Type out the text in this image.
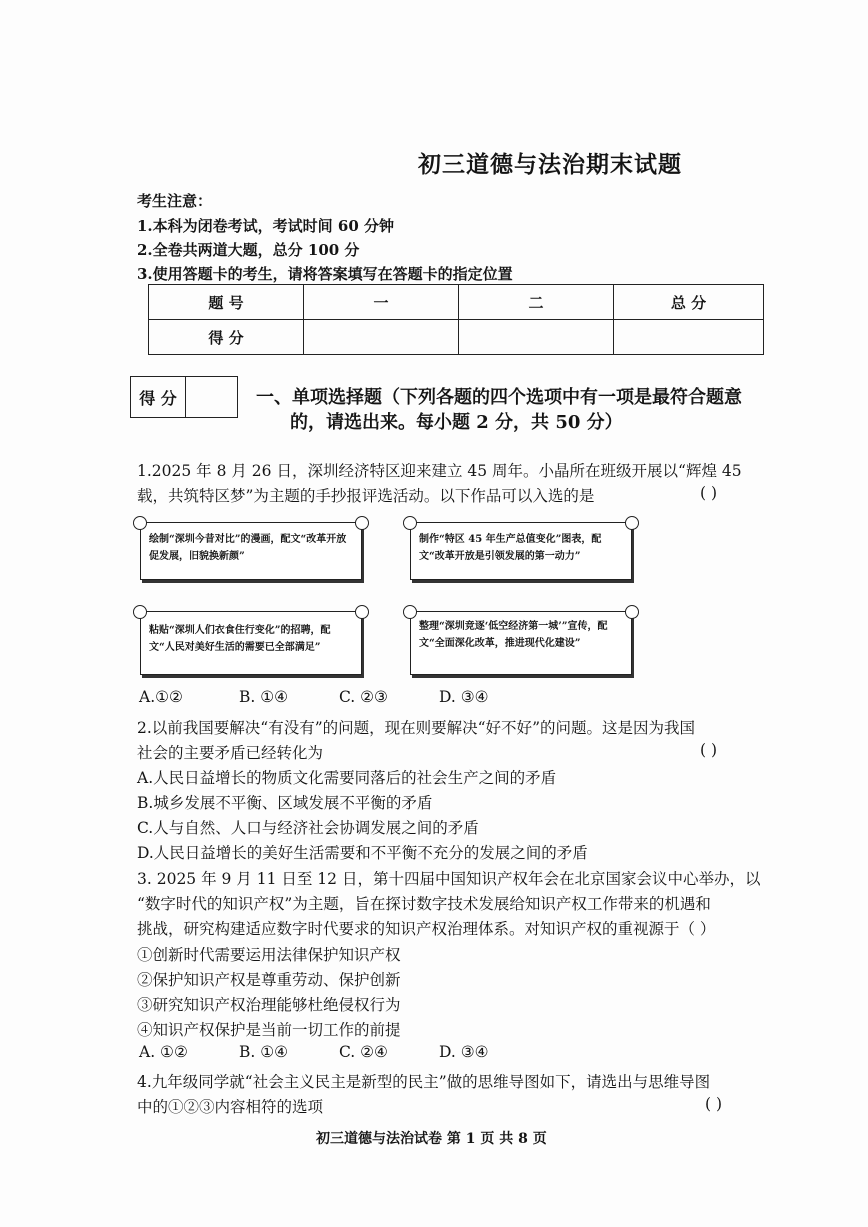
初三道德与法治期末试题
考生注意：
1.本科为闭卷考试，考试时间 60 分钟
2.全卷共两道大题，总分 100 分
3.使用答题卡的考生，请将答案填写在答题卡的指定位置
题 号	一	二	总 分
得 分			
得 分	一、单项选择题（下列各题的四个选项中有一项是最符合题意
的，请选出来。每小题 2 分，共 50 分）
1.2025 年 8 月 26 日，深圳经济特区迎来建立 45 周年。小晶所在班级开展以“辉煌 45
载，共筑特区梦”为主题的手抄报评选活动。以下作品可以入选的是	( )
绘制“深圳今昔对比”的漫画，配文“改革开放促发展，旧貌换新颜”
制作“特区 45 年生产总值变化”图表，配文“改革开放是引领发展的第一动力”
粘贴“深圳人们衣食住行变化”的招聘，配文“人民对美好生活的需要已全部满足”
整理“深圳竞逐‘低空经济第一城’”宣传，配文“全面深化改革，推进现代化建设”
A.①②	B. ①④	C. ②③	D. ③④
2.以前我国要解决“有没有”的问题，现在则要解决“好不好”的问题。这是因为我国
社会的主要矛盾已经转化为	( )
A.人民日益增长的物质文化需要同落后的社会生产之间的矛盾
B.城乡发展不平衡、区域发展不平衡的矛盾
C.人与自然、人口与经济社会协调发展之间的矛盾
D.人民日益增长的美好生活需要和不平衡不充分的发展之间的矛盾
3. 2025 年 9 月 11 日至 12 日，第十四届中国知识产权年会在北京国家会议中心举办，以
“数字时代的知识产权”为主题，旨在探讨数字技术发展给知识产权工作带来的机遇和
挑战，研究构建适应数字时代要求的知识产权治理体系。对知识产权的重视源于（ ）
①创新时代需要运用法律保护知识产权
②保护知识产权是尊重劳动、保护创新
③研究知识产权治理能够杜绝侵权行为
④知识产权保护是当前一切工作的前提
A. ①②	B. ①④	C. ②④	D. ③④
4.九年级同学就“社会主义民主是新型的民主”做的思维导图如下，请选出与思维导图
中的①②③内容相符的选项	( )
初三道德与法治试卷 第 1 页 共 8 页
